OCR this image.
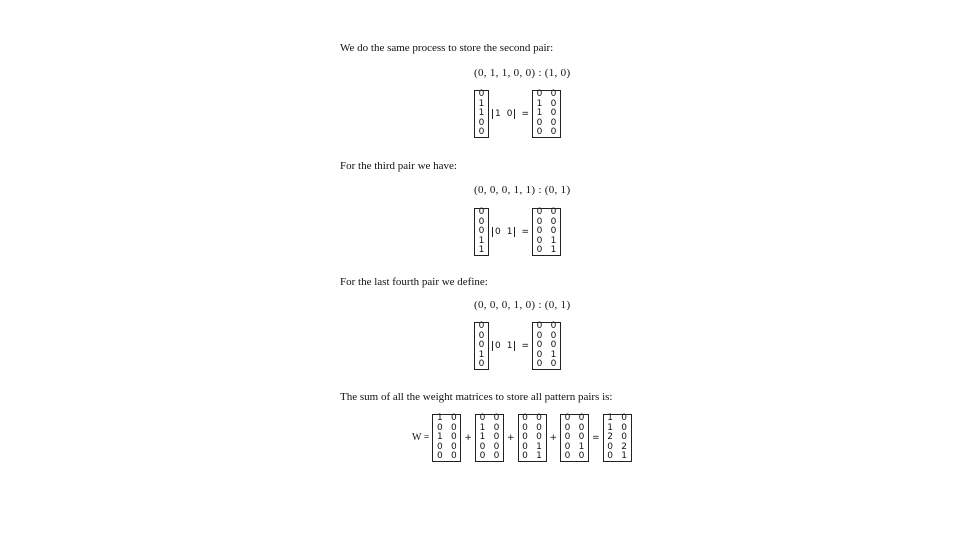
We do the same process to store the second pair:
(0, 1, 1, 0, 0) : (1, 0)
0
1
1
0
0
1 0 =
0 0
1 0
1 0
0 0
0 0
For the third pair we have:
(0, 0, 0, 1, 1) : (0, 1)
0
0
0
1
1
0 1 =
0 0
0 0
0 0
0 1
0 1
For the last fourth pair we define:
(0, 0, 0, 1, 0) : (0, 1)
0
0
0
1
0
0 1 =
0 0
0 0
0 0
0 1
0 0
The sum of all the weight matrices to store all pattern pairs is:
W =
1 0
0 0
1 0
0 0
0 0
+
0 0
1 0
1 0
0 0
0 0
+
0 0
0 0
0 0
0 1
0 1
+
0 0
0 0
0 0
0 1
0 0
=
1 0
1 0
2 0
0 2
0 1
